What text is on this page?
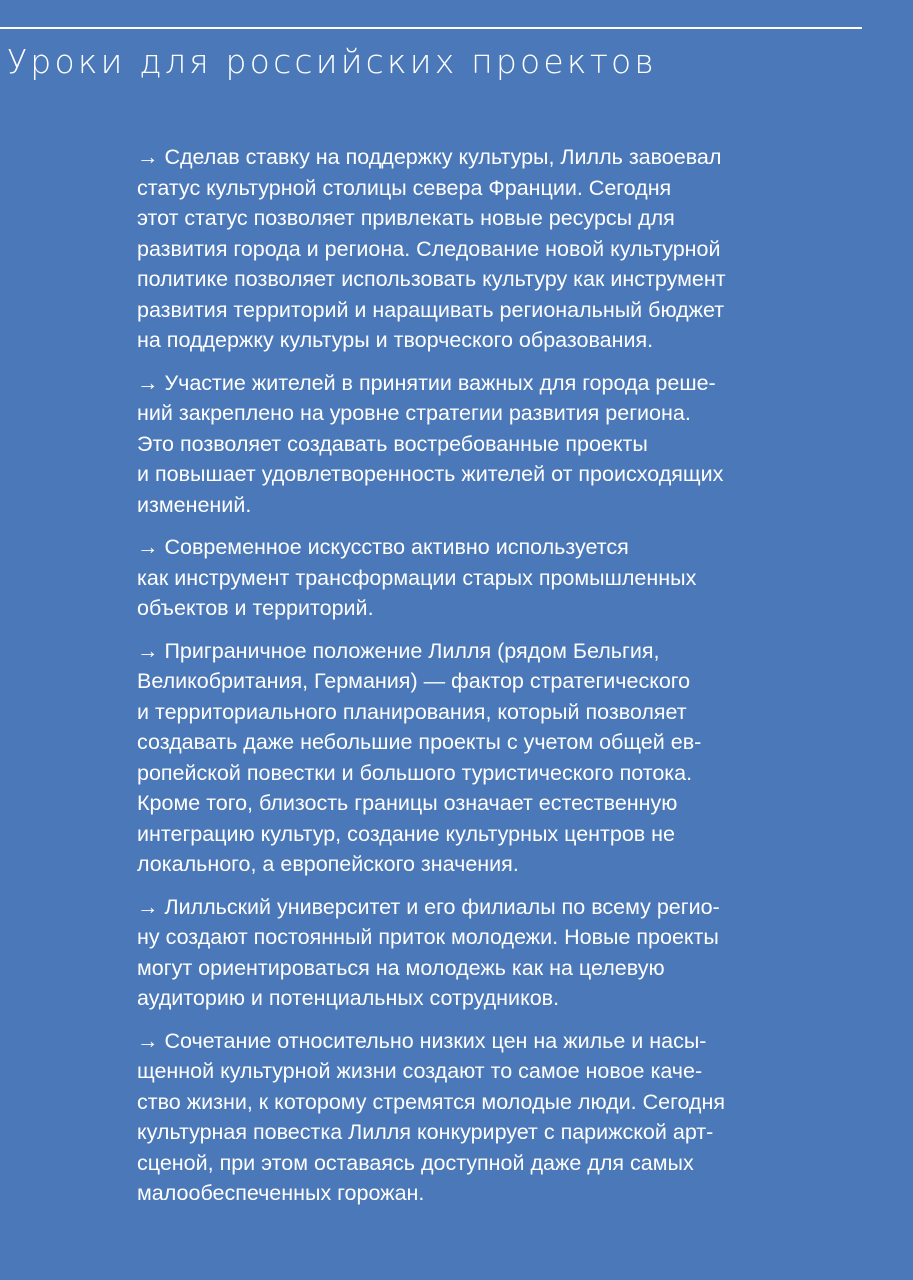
Уроки для российских проектов

→ Сделав ставку на поддержку культуры, Лилль завоевал
статус культурной столицы севера Франции. Сегодня
этот статус позволяет привлекать новые ресурсы для
развития города и региона. Следование новой культурной
политике позволяет использовать культуру как инструмент
развития территорий и наращивать региональный бюджет
на поддержку культуры и творческого образования.

→ Участие жителей в принятии важных для города реше-
ний закреплено на уровне стратегии развития региона.
Это позволяет создавать востребованные проекты
и повышает удовлетворенность жителей от происходящих
изменений.

→ Современное искусство активно используется
как инструмент трансформации старых промышленных
объектов и территорий.

→ Приграничное положение Лилля (рядом Бельгия,
Великобритания, Германия) — фактор стратегического
и территориального планирования, который позволяет
создавать даже небольшие проекты с учетом общей ев-
ропейской повестки и большого туристического потока.
Кроме того, близость границы означает естественную
интеграцию культур, создание культурных центров не
локального, а европейского значения.

→ Лилльский университет и его филиалы по всему регио-
ну создают постоянный приток молодежи. Новые проекты
могут ориентироваться на молодежь как на целевую
аудиторию и потенциальных сотрудников.

→ Сочетание относительно низких цен на жилье и насы-
щенной культурной жизни создают то самое новое каче-
ство жизни, к которому стремятся молодые люди. Сегодня
культурная повестка Лилля конкурирует с парижской арт-
сценой, при этом оставаясь доступной даже для самых
малообеспеченных горожан.
